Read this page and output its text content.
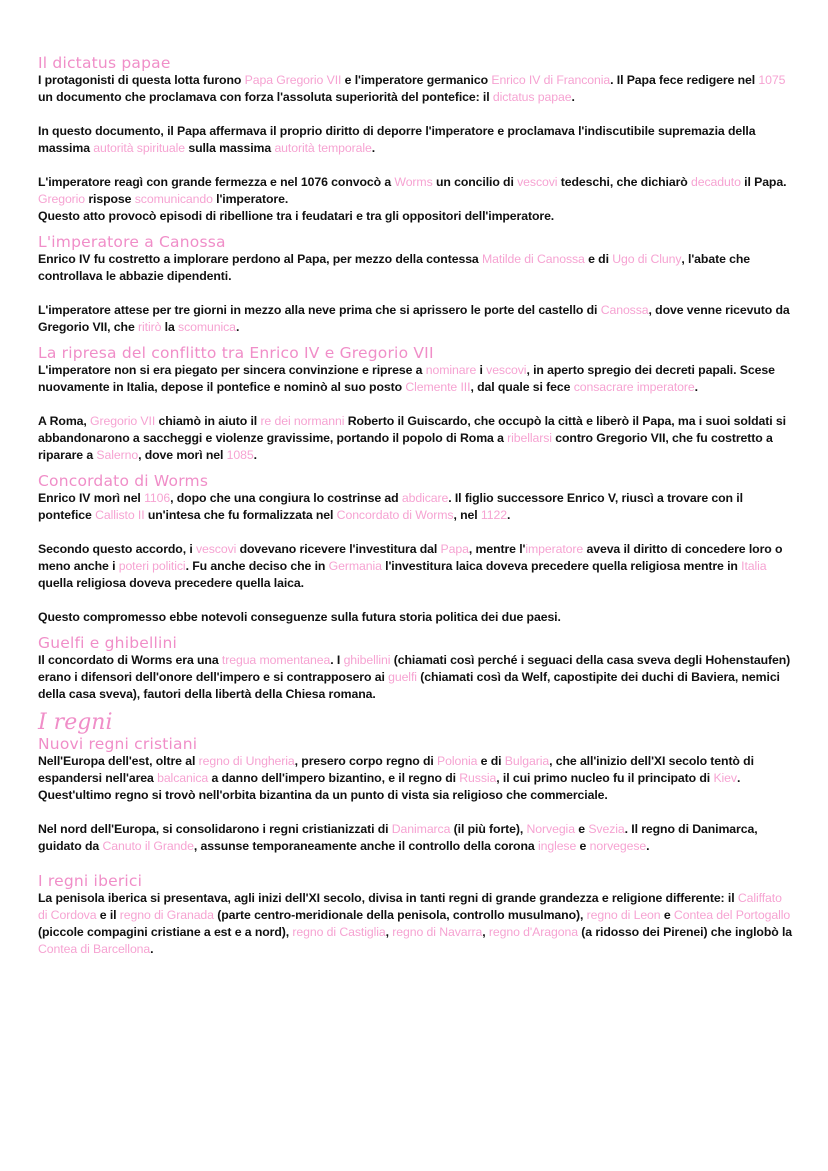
Il dictatus papae

I protagonisti di questa lotta furono Papa Gregorio VII e l'imperatore germanico Enrico IV di Franconia. Il Papa fece redigere nel 1075 un documento che proclamava con forza l'assoluta superiorità del pontefice: il dictatus papae.

In questo documento, il Papa affermava il proprio diritto di deporre l'imperatore e proclamava l'indiscutibile supremazia della massima autorità spirituale sulla massima autorità temporale.

L'imperatore reagì con grande fermezza e nel 1076 convocò a Worms un concilio di vescovi tedeschi, che dichiarò decaduto il Papa. Gregorio rispose scomunicando l'imperatore.
Questo atto provocò episodi di ribellione tra i feudatari e tra gli oppositori dell'imperatore.

L'imperatore a Canossa

Enrico IV fu costretto a implorare perdono al Papa, per mezzo della contessa Matilde di Canossa e di Ugo di Cluny, l'abate che controllava le abbazie dipendenti.

L'imperatore attese per tre giorni in mezzo alla neve prima che si aprissero le porte del castello di Canossa, dove venne ricevuto da Gregorio VII, che ritirò la scomunica.

La ripresa del conflitto tra Enrico IV e Gregorio VII

L'imperatore non si era piegato per sincera convinzione e riprese a nominare i vescovi, in aperto spregio dei decreti papali. Scese nuovamente in Italia, depose il pontefice e nominò al suo posto Clemente III, dal quale si fece consacrare imperatore.

A Roma, Gregorio VII chiamò in aiuto il re dei normanni Roberto il Guiscardo, che occupò la città e liberò il Papa, ma i suoi soldati si abbandonarono a saccheggi e violenze gravissime, portando il popolo di Roma a ribellarsi contro Gregorio VII, che fu costretto a riparare a Salerno, dove morì nel 1085.

Concordato di Worms

Enrico IV morì nel 1106, dopo che una congiura lo costrinse ad abdicare. Il figlio successore Enrico V, riuscì a trovare con il pontefice Callisto II un'intesa che fu formalizzata nel Concordato di Worms, nel 1122.

Secondo questo accordo, i vescovi dovevano ricevere l'investitura dal Papa, mentre l'imperatore aveva il diritto di concedere loro o meno anche i poteri politici. Fu anche deciso che in Germania l'investitura laica doveva precedere quella religiosa mentre in Italia quella religiosa doveva precedere quella laica.

Questo compromesso ebbe notevoli conseguenze sulla futura storia politica dei due paesi.

Guelfi e ghibellini

Il concordato di Worms era una tregua momentanea. I ghibellini (chiamati così perché i seguaci della casa sveva degli Hohenstaufen) erano i difensori dell'onore dell'impero e si contrapposero ai guelfi (chiamati così da Welf, capostipite dei duchi di Baviera, nemici della casa sveva), fautori della libertà della Chiesa romana.

I regni
Nuovi regni cristiani

Nell'Europa dell'est, oltre al regno di Ungheria, presero corpo regno di Polonia e di Bulgaria, che all'inizio dell'XI secolo tentò di espandersi nell'area balcanica a danno dell'impero bizantino, e il regno di Russia, il cui primo nucleo fu il principato di Kiev. Quest'ultimo regno si trovò nell'orbita bizantina da un punto di vista sia religioso che commerciale.

Nel nord dell'Europa, si consolidarono i regni cristianizzati di Danimarca (il più forte), Norvegia e Svezia. Il regno di Danimarca, guidato da Canuto il Grande, assunse temporaneamente anche il controllo della corona inglese e norvegese.

I regni iberici

La penisola iberica si presentava, agli inizi dell'XI secolo, divisa in tanti regni di grande grandezza e religione differente: il Califfato di Cordova e il regno di Granada (parte centro-meridionale della penisola, controllo musulmano), regno di Leon e Contea del Portogallo (piccole compagini cristiane a est e a nord), regno di Castiglia, regno di Navarra, regno d'Aragona (a ridosso dei Pirenei) che inglobò la Contea di Barcellona.
